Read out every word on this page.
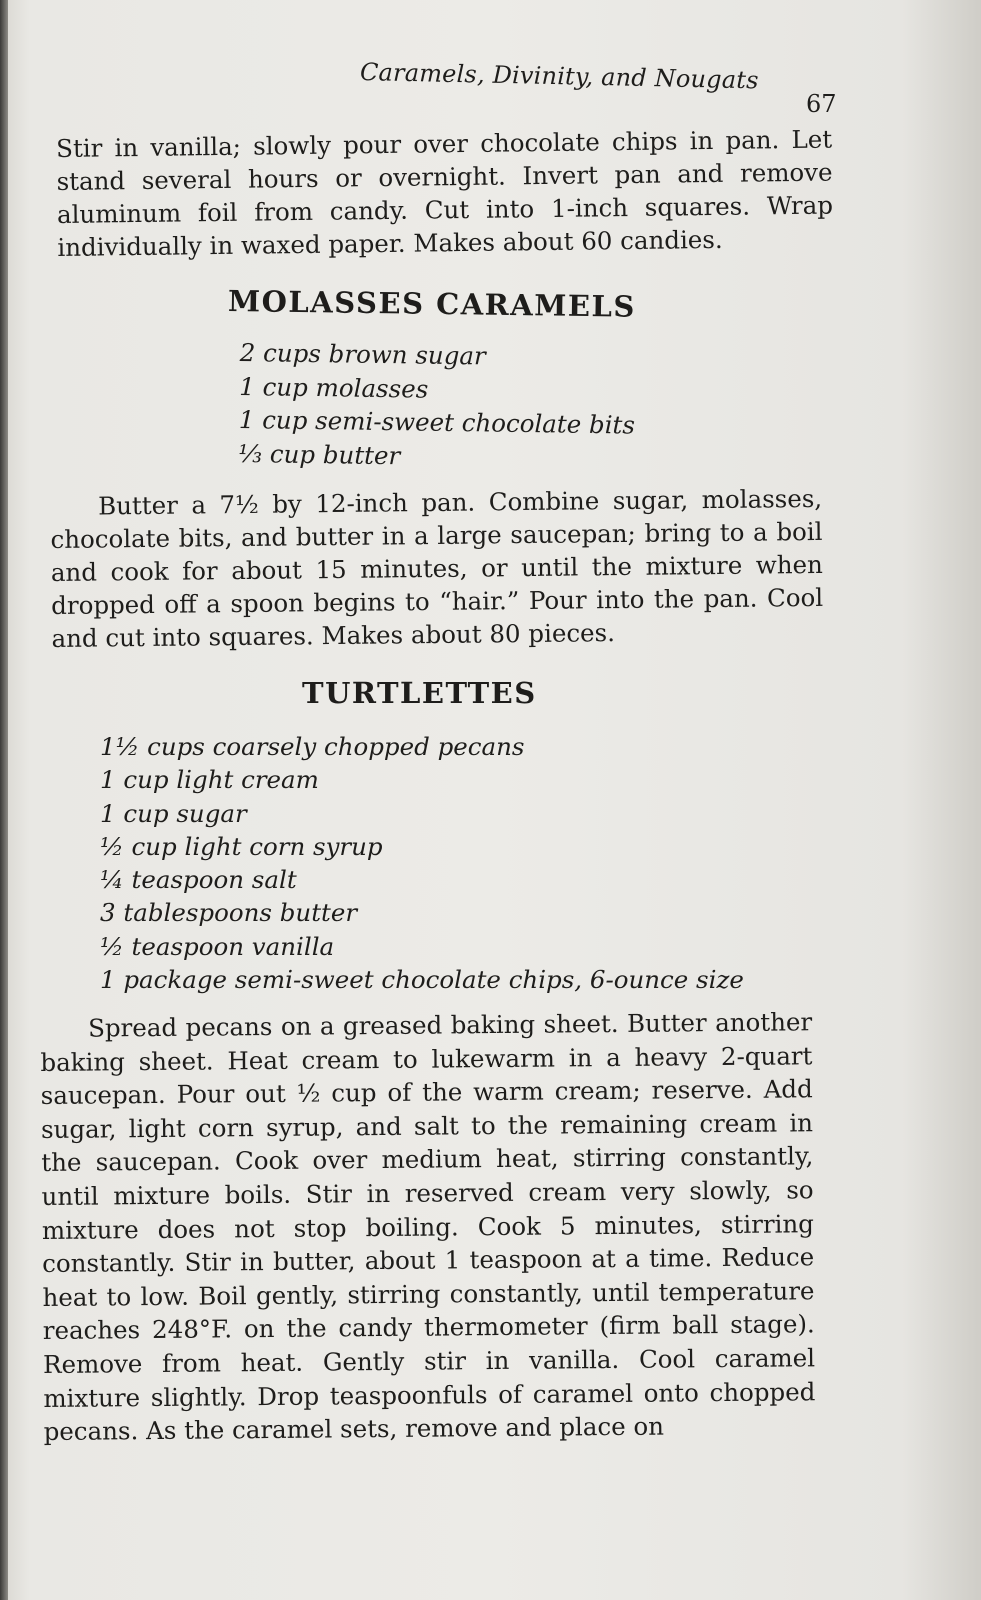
Caramels, Divinity, and Nougats
67

Stir in vanilla; slowly pour over chocolate chips in pan. Let stand several hours or overnight. Invert pan and remove aluminum foil from candy. Cut into 1-inch squares. Wrap individually in waxed paper. Makes about 60 candies.

MOLASSES CARAMELS
2 cups brown sugar
1 cup molasses
1 cup semi-sweet chocolate bits
⅓ cup butter

Butter a 7½ by 12-inch pan. Combine sugar, molasses, chocolate bits, and butter in a large saucepan; bring to a boil and cook for about 15 minutes, or until the mixture when dropped off a spoon begins to “hair.” Pour into the pan. Cool and cut into squares. Makes about 80 pieces.

TURTLETTES
1½ cups coarsely chopped pecans
1 cup light cream
1 cup sugar
½ cup light corn syrup
¼ teaspoon salt
3 tablespoons butter
½ teaspoon vanilla
1 package semi-sweet chocolate chips, 6-ounce size

Spread pecans on a greased baking sheet. Butter another baking sheet. Heat cream to lukewarm in a heavy 2-quart saucepan. Pour out ½ cup of the warm cream; reserve. Add sugar, light corn syrup, and salt to the remaining cream in the saucepan. Cook over medium heat, stirring constantly, until mixture boils. Stir in reserved cream very slowly, so mixture does not stop boiling. Cook 5 minutes, stirring constantly. Stir in butter, about 1 teaspoon at a time. Reduce heat to low. Boil gently, stirring constantly, until temperature reaches 248°F. on the candy thermometer (firm ball stage). Remove from heat. Gently stir in vanilla. Cool caramel mixture slightly. Drop teaspoonfuls of caramel onto chopped pecans. As the caramel sets, remove and place on
